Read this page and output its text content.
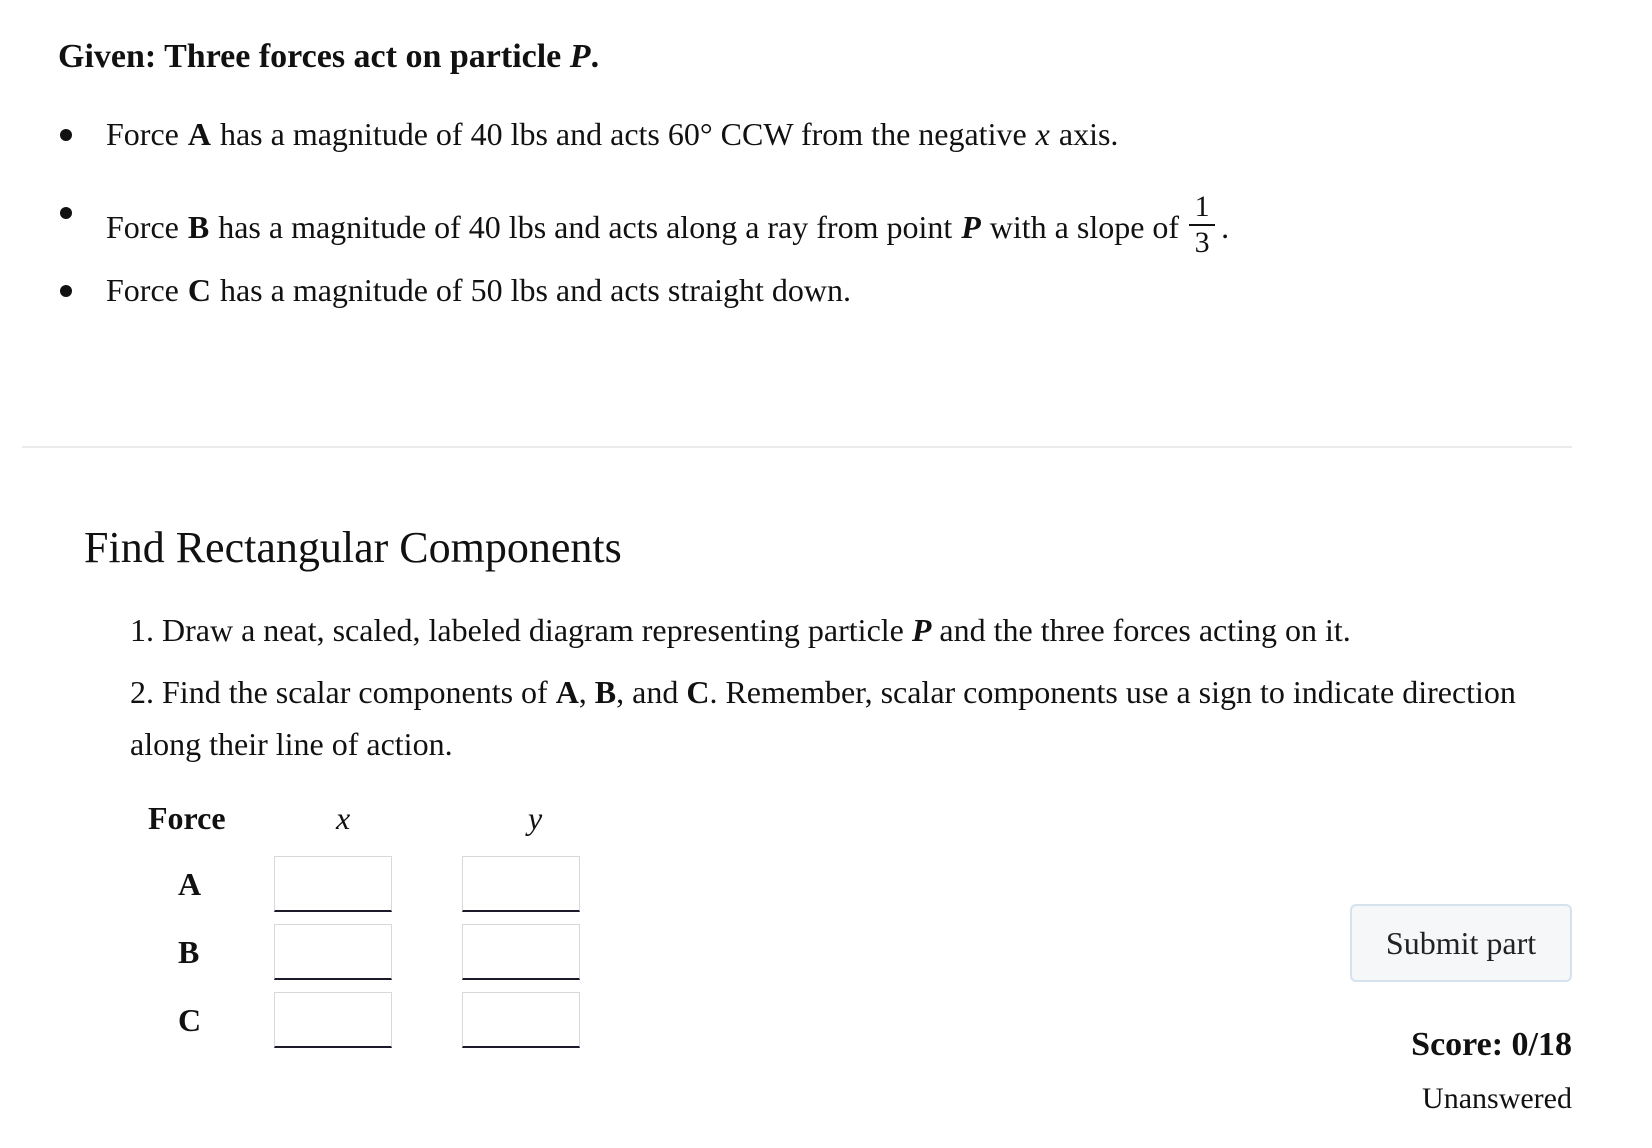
Given: Three forces act on particle P.
Force A has a magnitude of 40 lbs and acts 60° CCW from the negative x axis.
Force B has a magnitude of 40 lbs and acts along a ray from point P with a slope of $\frac{1}{3}$ .
Force C has a magnitude of 50 lbs and acts straight down.
Find Rectangular Components

1. Draw a neat, scaled, labeled diagram representing particle P and the three forces acting on it.

2. Find the scalar components of A, B, and C. Remember, scalar components use a sign to indicate direction along their line of action.

Force	x	y
A
B
C
Submit part
Score: 0/18
Unanswered
